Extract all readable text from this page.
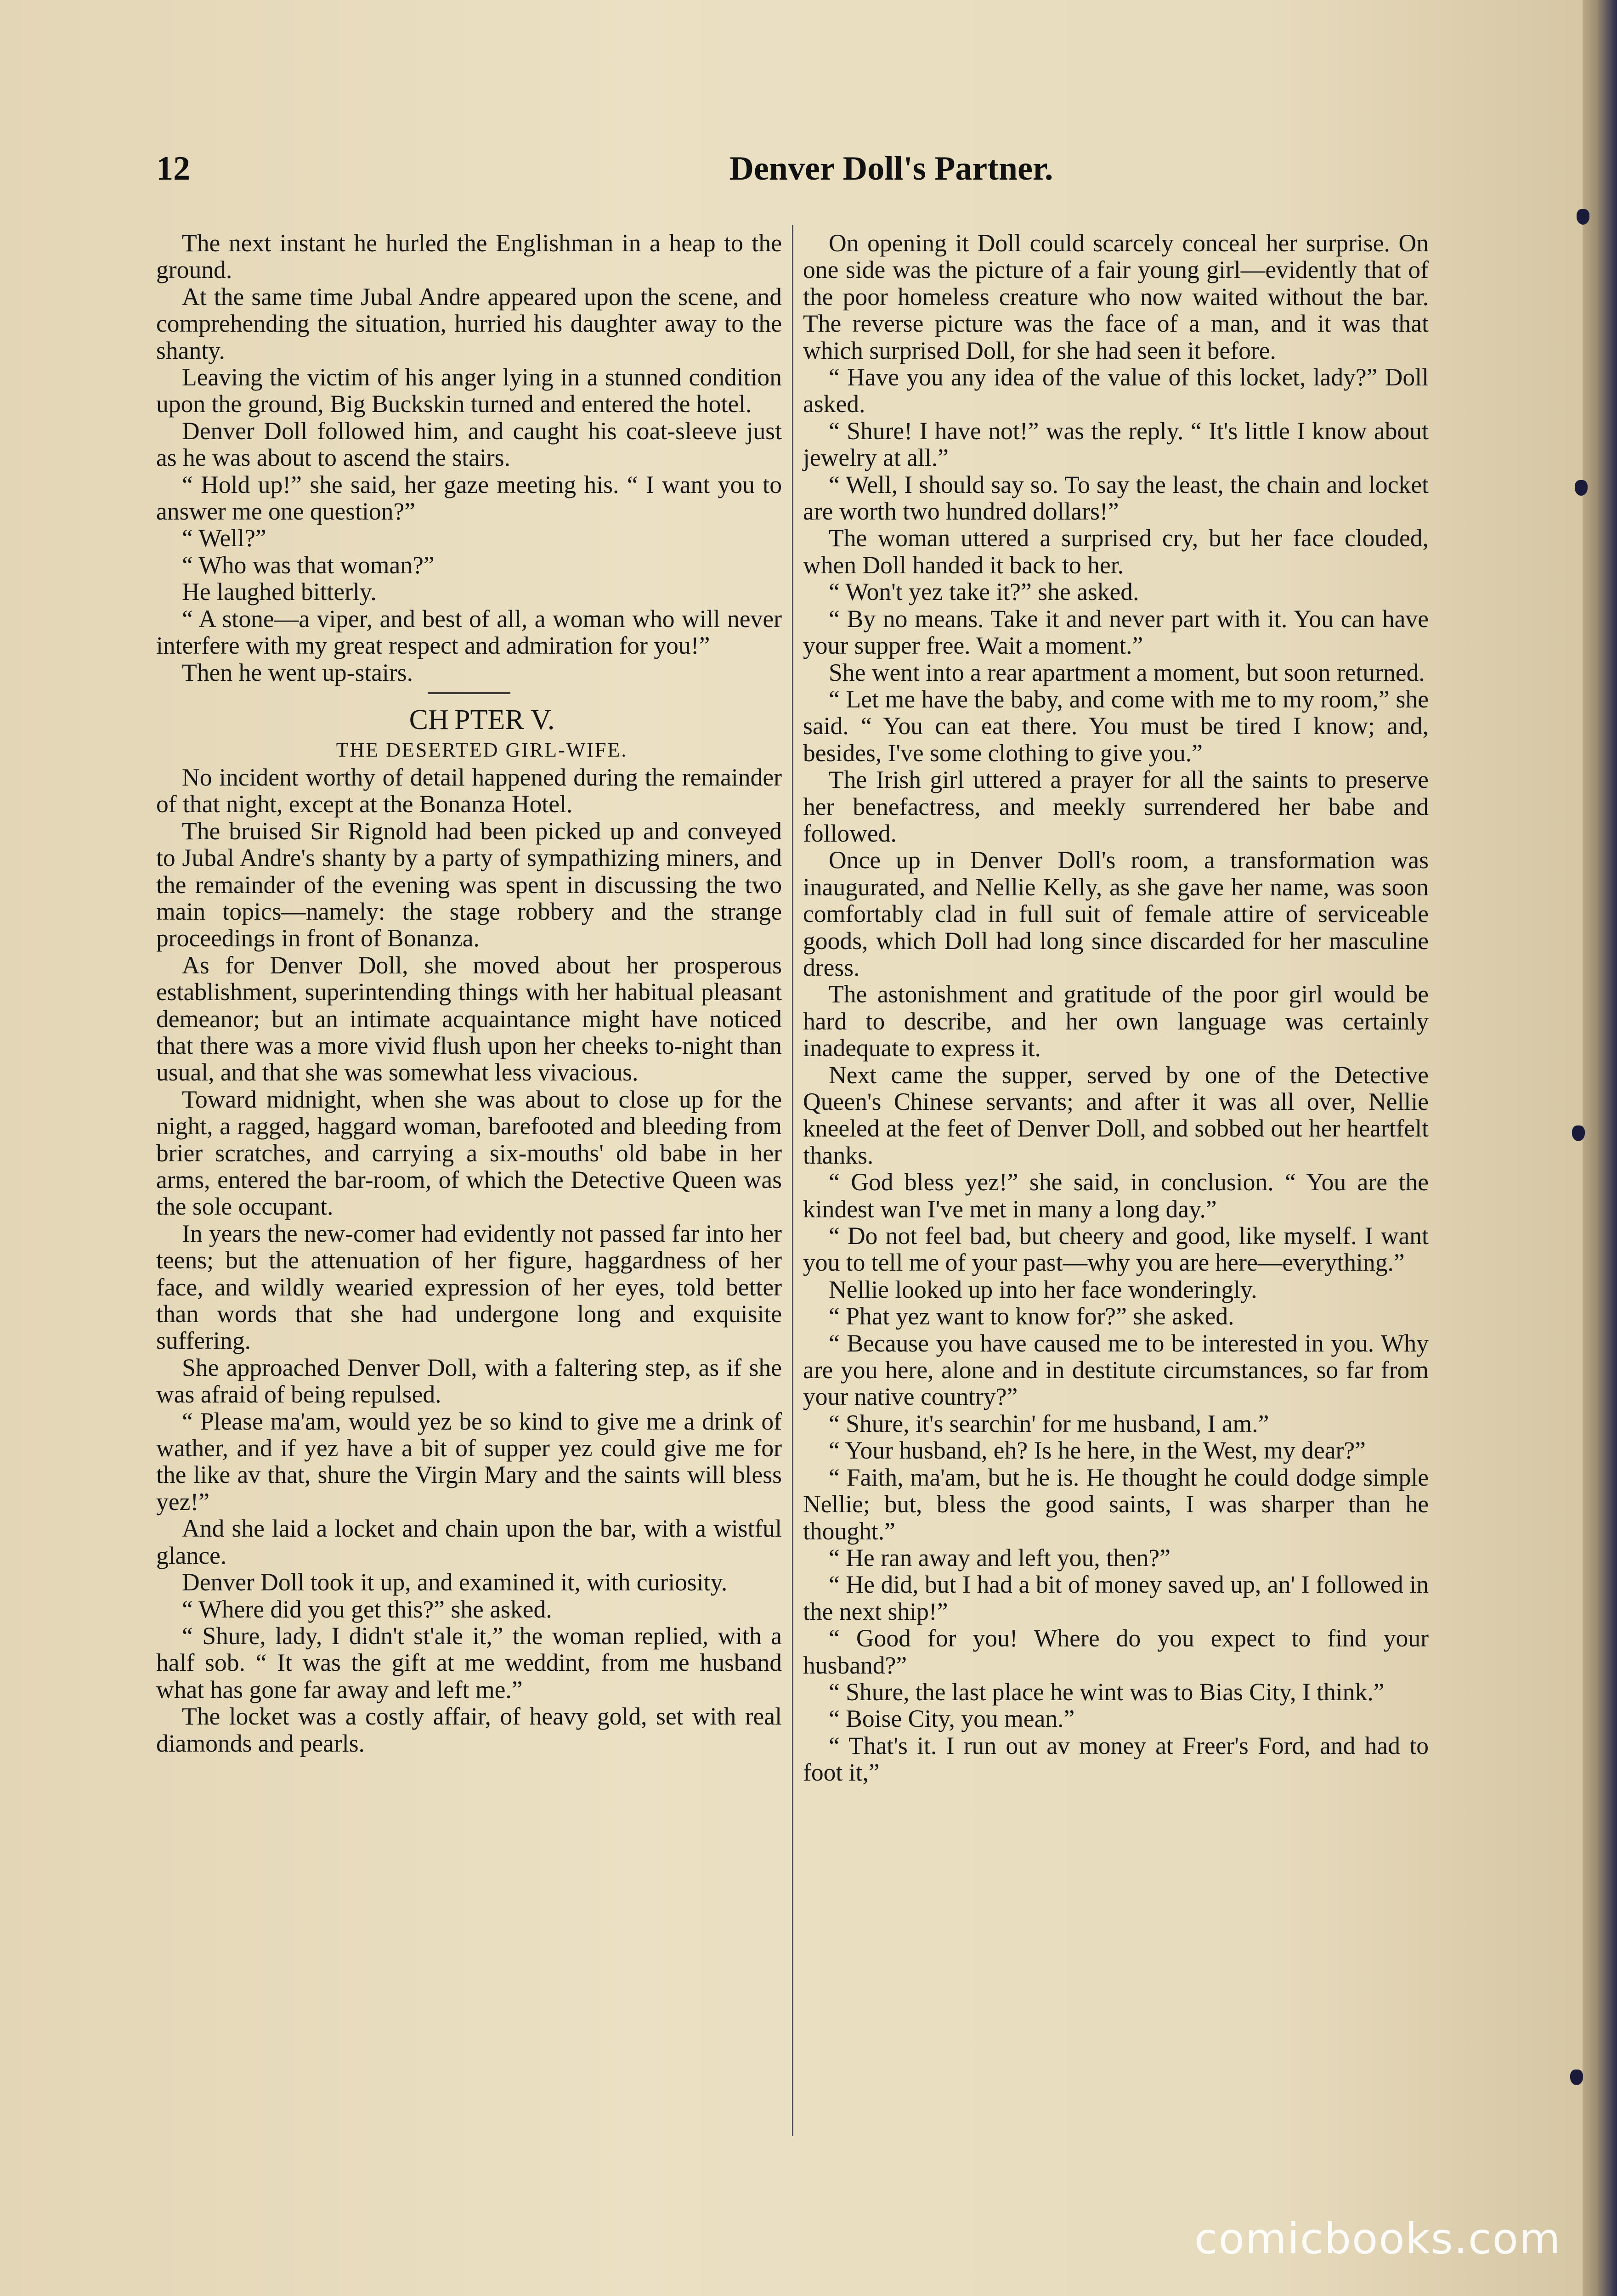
12	Denver Doll's Partner.

The next instant he hurled the Englishman in a heap to the ground.

At the same time Jubal Andre appeared upon the scene, and comprehending the situation, hurried his daughter away to the shanty.

Leaving the victim of his anger lying in a stunned condition upon the ground, Big Buckskin turned and entered the hotel.

Denver Doll followed him, and caught his coat-sleeve just as he was about to ascend the stairs.

“ Hold up!” she said, her gaze meeting his. “ I want you to answer me one question?”

“ Well?”

“ Who was that woman?”

He laughed bitterly.

“ A stone—a viper, and best of all, a woman who will never interfere with my great respect and admiration for you!”

Then he went up-stairs.

CH PTER V.

THE DESERTED GIRL-WIFE.

No incident worthy of detail happened during the remainder of that night, except at the Bonanza Hotel.

The bruised Sir Rignold had been picked up and conveyed to Jubal Andre's shanty by a party of sympathizing miners, and the remainder of the evening was spent in discussing the two main topics—namely: the stage robbery and the strange proceedings in front of Bonanza.

As for Denver Doll, she moved about her prosperous establishment, superintending things with her habitual pleasant demeanor; but an intimate acquaintance might have noticed that there was a more vivid flush upon her cheeks to-night than usual, and that she was somewhat less vivacious.

Toward midnight, when she was about to close up for the night, a ragged, haggard woman, barefooted and bleeding from brier scratches, and carrying a six-mouths' old babe in her arms, entered the bar-room, of which the Detective Queen was the sole occupant.

In years the new-comer had evidently not passed far into her teens; but the attenuation of her figure, haggardness of her face, and wildly wearied expression of her eyes, told better than words that she had undergone long and exquisite suffering.

She approached Denver Doll, with a faltering step, as if she was afraid of being repulsed.

“ Please ma'am, would yez be so kind to give me a drink of wather, and if yez have a bit of supper yez could give me for the like av that, shure the Virgin Mary and the saints will bless yez!”

And she laid a locket and chain upon the bar, with a wistful glance.

Denver Doll took it up, and examined it, with curiosity.

“ Where did you get this?” she asked.

“ Shure, lady, I didn't st'ale it,” the woman replied, with a half sob. “ It was the gift at me weddint, from me husband what has gone far away and left me.”

The locket was a costly affair, of heavy gold, set with real diamonds and pearls.

On opening it Doll could scarcely conceal her surprise. On one side was the picture of a fair young girl—evidently that of the poor homeless creature who now waited without the bar. The reverse picture was the face of a man, and it was that which surprised Doll, for she had seen it before.

“ Have you any idea of the value of this locket, lady?” Doll asked.

“ Shure! I have not!” was the reply. “ It's little I know about jewelry at all.”

“ Well, I should say so. To say the least, the chain and locket are worth two hundred dollars!”

The woman uttered a surprised cry, but her face clouded, when Doll handed it back to her.

“ Won't yez take it?” she asked.

“ By no means. Take it and never part with it. You can have your supper free. Wait a moment.”

She went into a rear apartment a moment, but soon returned.

“ Let me have the baby, and come with me to my room,” she said. “ You can eat there. You must be tired I know; and, besides, I've some clothing to give you.”

The Irish girl uttered a prayer for all the saints to preserve her benefactress, and meekly surrendered her babe and followed.

Once up in Denver Doll's room, a transformation was inaugurated, and Nellie Kelly, as she gave her name, was soon comfortably clad in full suit of female attire of serviceable goods, which Doll had long since discarded for her masculine dress.

The astonishment and gratitude of the poor girl would be hard to describe, and her own language was certainly inadequate to express it.

Next came the supper, served by one of the Detective Queen's Chinese servants; and after it was all over, Nellie kneeled at the feet of Denver Doll, and sobbed out her heartfelt thanks.

“ God bless yez!” she said, in conclusion. “ You are the kindest wan I've met in many a long day.”

“ Do not feel bad, but cheery and good, like myself. I want you to tell me of your past—why you are here—everything.”

Nellie looked up into her face wonderingly.

“ Phat yez want to know for?” she asked.

“ Because you have caused me to be interested in you. Why are you here, alone and in destitute circumstances, so far from your native country?”

“ Shure, it's searchin' for me husband, I am.”

“ Your husband, eh? Is he here, in the West, my dear?”

“ Faith, ma'am, but he is. He thought he could dodge simple Nellie; but, bless the good saints, I was sharper than he thought.”

“ He ran away and left you, then?”

“ He did, but I had a bit of money saved up, an' I followed in the next ship!”

“ Good for you! Where do you expect to find your husband?”

“ Shure, the last place he wint was to Bias City, I think.”

“ Boise City, you mean.”

“ That's it. I run out av money at Freer's Ford, and had to foot it,”

comicbooks.com
